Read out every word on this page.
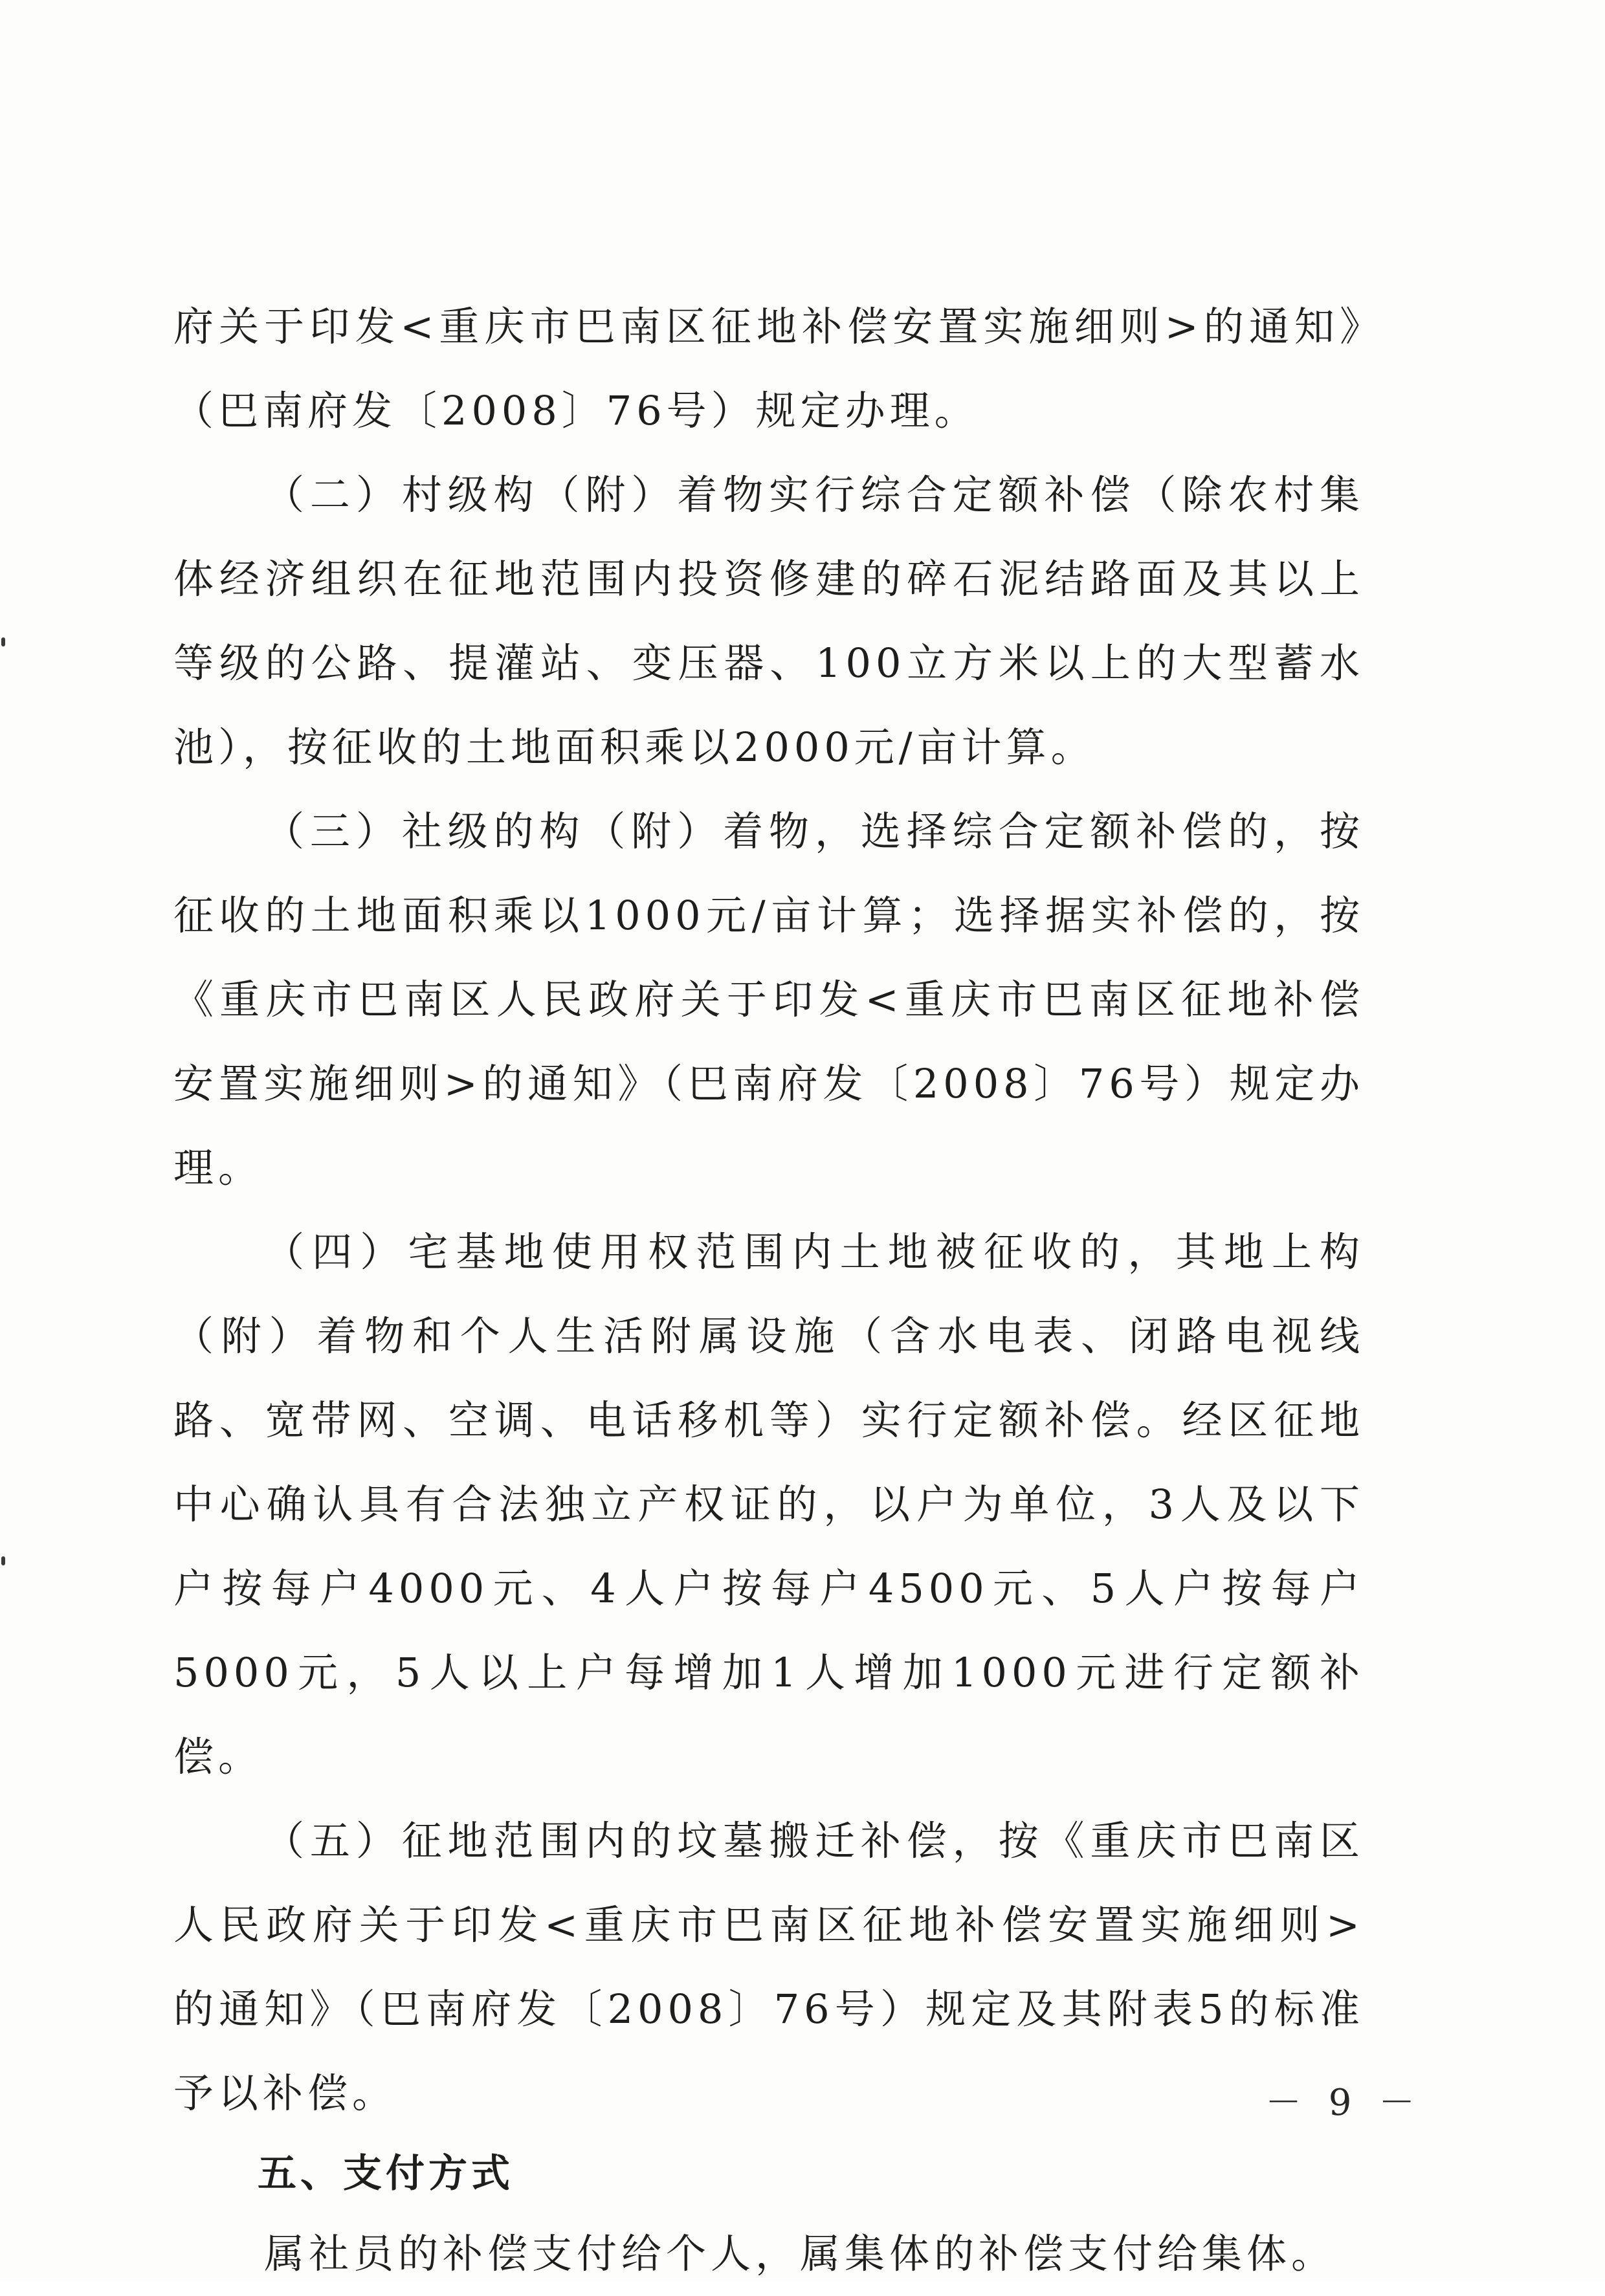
府关于印发<重庆市巴南区征地补偿安置实施细则>的通知》（巴南府发〔2008〕76号）规定办理。

（二）村级构（附）着物实行综合定额补偿（除农村集体经济组织在征地范围内投资修建的碎石泥结路面及其以上等级的公路、提灌站、变压器、100立方米以上的大型蓄水池），按征收的土地面积乘以2000元/亩计算。

（三）社级的构（附）着物，选择综合定额补偿的，按征收的土地面积乘以1000元/亩计算；选择据实补偿的，按《重庆市巴南区人民政府关于印发<重庆市巴南区征地补偿安置实施细则>的通知》（巴南府发〔2008〕76号）规定办理。

（四）宅基地使用权范围内土地被征收的，其地上构（附）着物和个人生活附属设施（含水电表、闭路电视线路、宽带网、空调、电话移机等）实行定额补偿。经区征地中心确认具有合法独立产权证的，以户为单位，3人及以下户按每户4000元、4人户按每户4500元、5人户按每户5000元，5人以上户每增加1人增加1000元进行定额补偿。

（五）征地范围内的坟墓搬迁补偿，按《重庆市巴南区人民政府关于印发<重庆市巴南区征地补偿安置实施细则>的通知》（巴南府发〔2008〕76号）规定及其附表5的标准予以补偿。

五、支付方式

属社员的补偿支付给个人，属集体的补偿支付给集体。

－ 9 －
